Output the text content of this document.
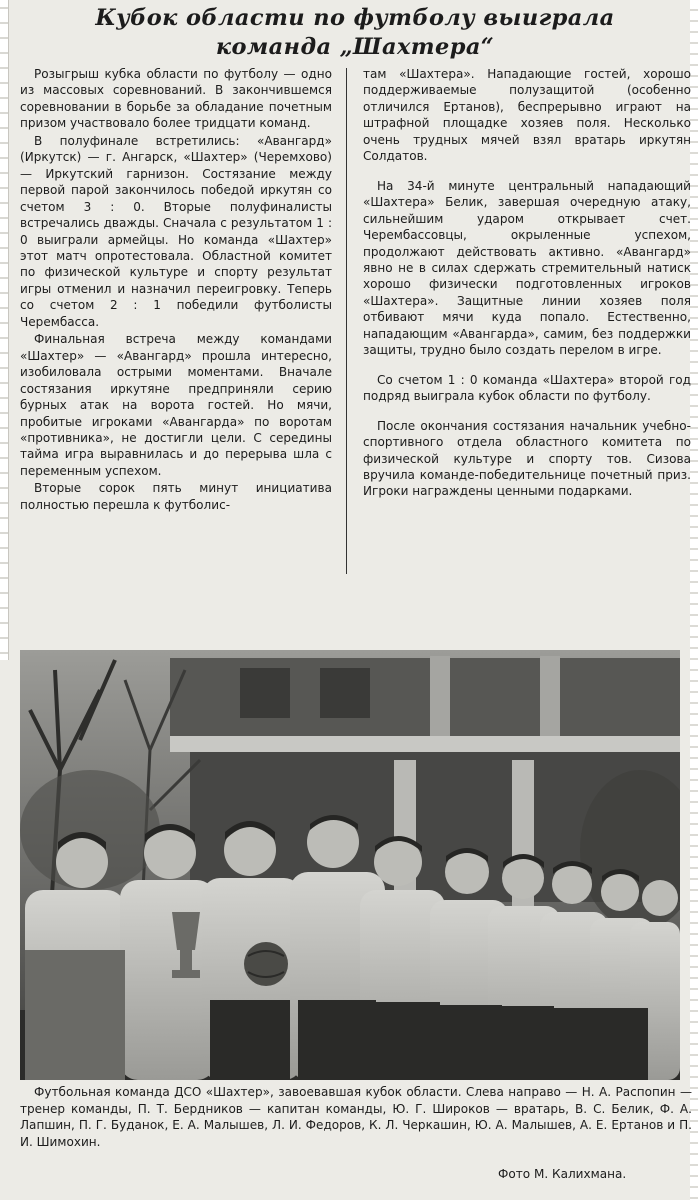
Кубок области по футболу выиграла
команда „Шахтера“

Розыгрыш кубка области по футболу — одно из массовых соревнований. В закончившемся соревновании в борьбе за обладание почетным призом участвовало более тридцати команд.

В полуфинале встретились: «Авангард» (Иркутск) — г. Ангарск, «Шахтер» (Черемхово) — Иркутский гарнизон. Состязание между первой парой закончилось победой иркутян со счетом 3 : 0. Вторые полуфиналисты встречались дважды. Сначала с результатом 1 : 0 выиграли армейцы. Но команда «Шахтер» этот матч опротестовала. Областной комитет по физической культуре и спорту результат игры отменил и назначил переигровку. Теперь со счетом 2 : 1 победили футболисты Черембасса.

Финальная встреча между командами «Шахтер» — «Авангард» прошла интересно, изобиловала острыми моментами. Вначале состязания иркутяне предприняли серию бурных атак на ворота гостей. Но мячи, пробитые игроками «Авангарда» по воротам «противника», не достигли цели. С середины тайма игра выравнилась и до перерыва шла с переменным успехом.

Вторые сорок пять минут инициатива полностью перешла к футболис-

там «Шахтера». Нападающие гостей, хорошо поддерживаемые полузащитой (особенно отличился Ертанов), беспрерывно играют на штрафной площадке хозяев поля. Несколько очень трудных мячей взял вратарь иркутян Солдатов.

На 34-й минуте центральный нападающий «Шахтера» Белик, завершая очередную атаку, сильнейшим ударом открывает счет. Черембассовцы, окрыленные успехом, продолжают действовать активно. «Авангард» явно не в силах сдержать стремительный натиск хорошо физически подготовленных игроков «Шахтера». Защитные линии хозяев поля отбивают мячи куда попало. Естественно, нападающим «Авангарда», самим, без поддержки защиты, трудно было создать перелом в игре.

Со счетом 1 : 0 команда «Шахтера» второй год подряд выиграла кубок области по футболу.

После окончания состязания начальник учебно-спортивного отдела областного комитета по физической культуре и спорту тов. Сизова вручила команде-победительнице почетный приз. Игроки награждены ценными подарками.

Футбольная команда ДСО «Шахтер», завоевавшая кубок области. Слева направо — Н. А. Распопин — тренер команды, П. Т. Бердников — капитан команды, Ю. Г. Широков — вратарь, В. С. Белик, Ф. А. Лапшин, П. Г. Буданок, Е. А. Малышев, Л. И. Федоров, К. Л. Черкашин, Ю. А. Малышев, А. Е. Ертанов и П. И. Шимохин.

Фото М. Калихмана.
